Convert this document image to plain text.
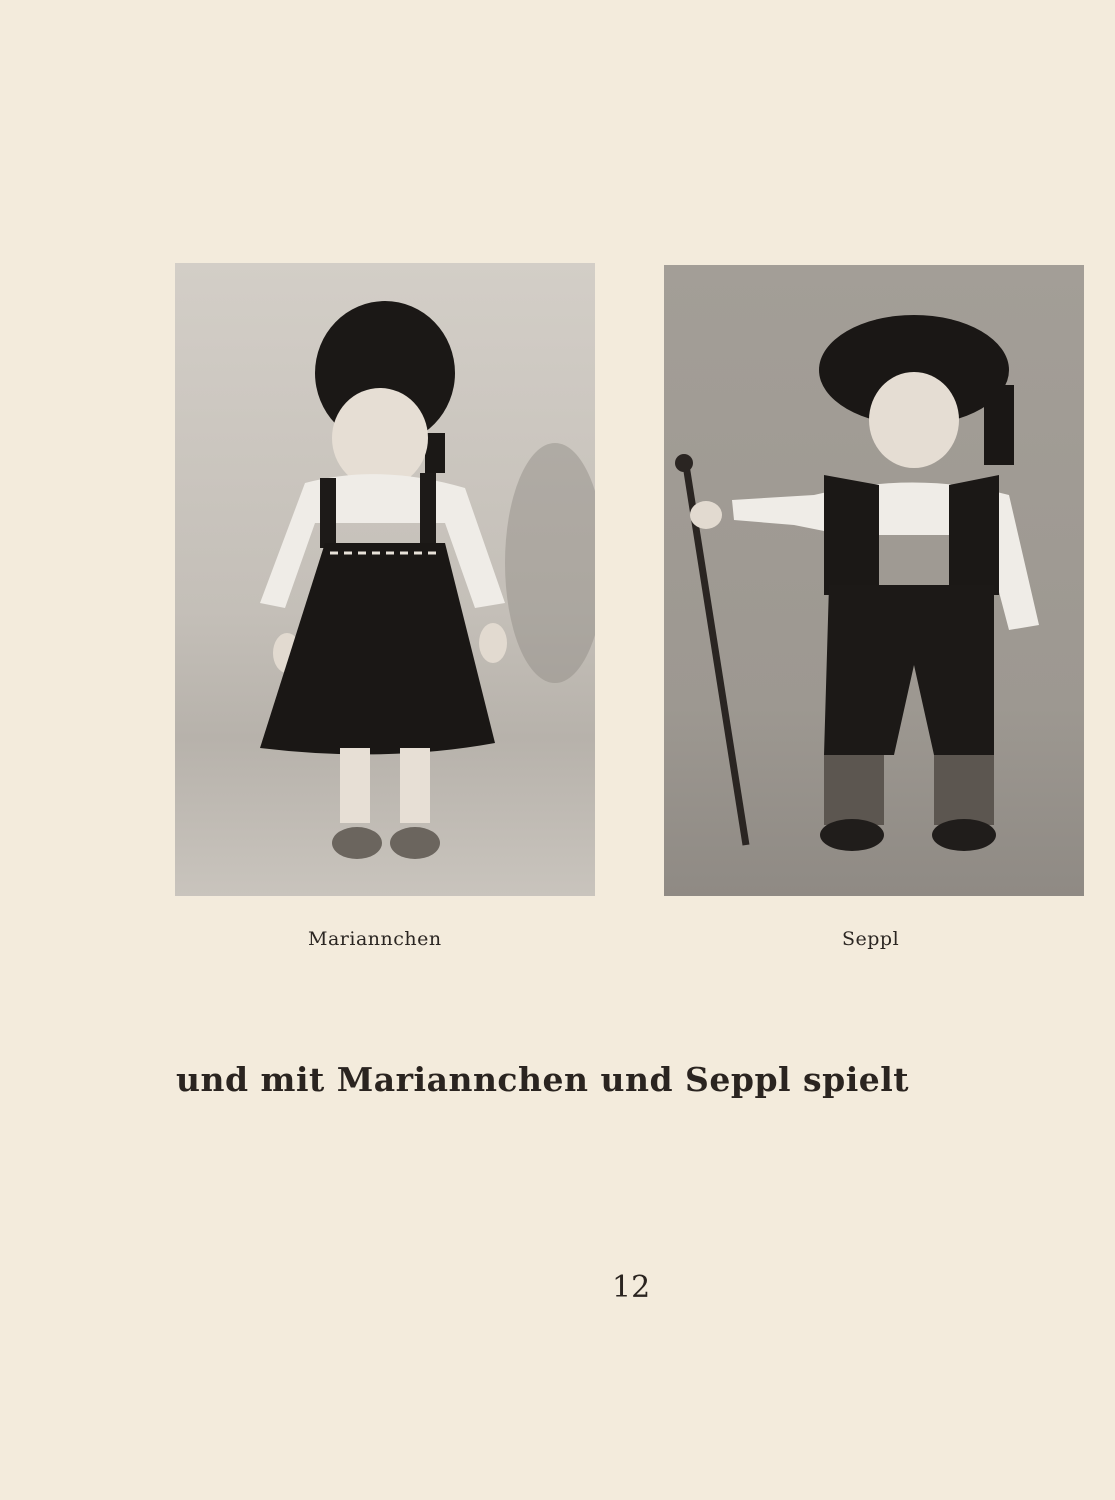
Mariannchen	Seppl
und mit Mariannchen und Seppl spielt
12
